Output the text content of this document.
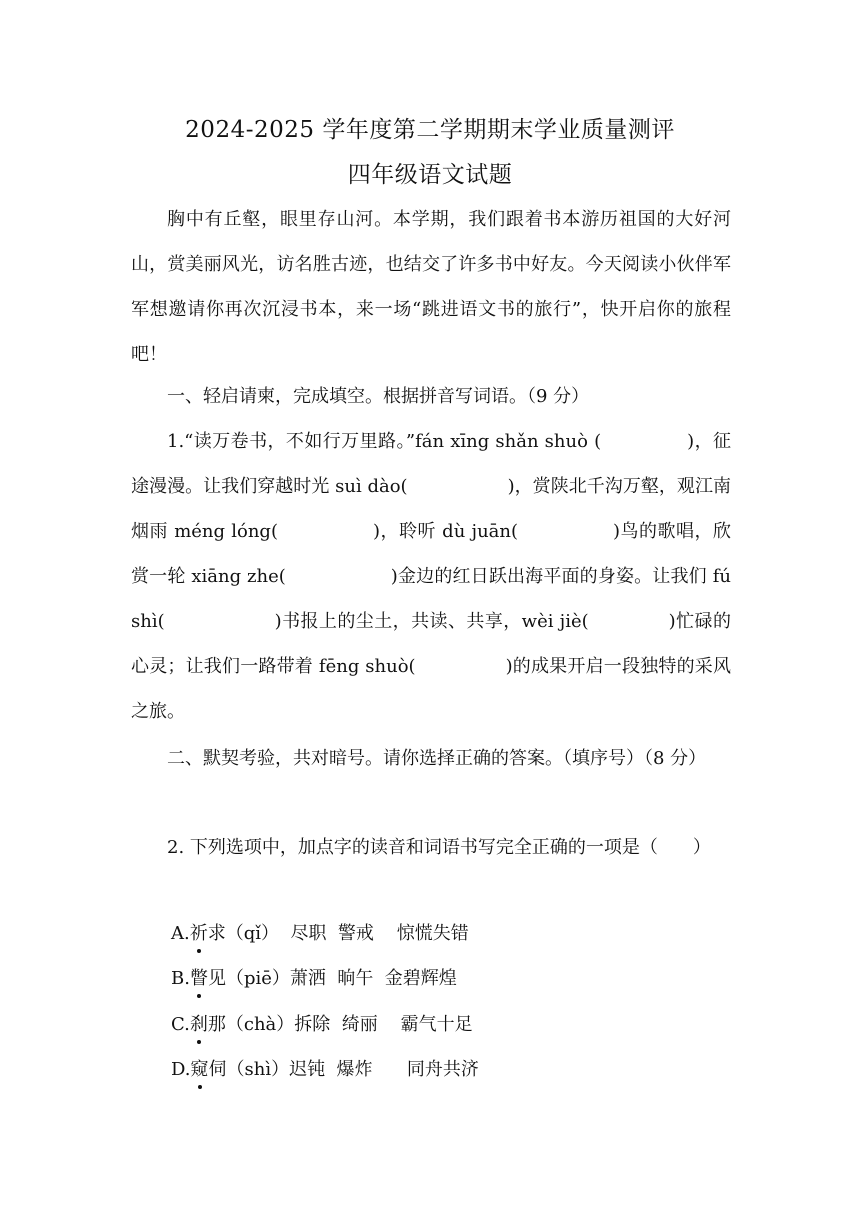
2024-2025 学年度第二学期期末学业质量测评
四年级语文试题

胸中有丘壑，眼里存山河。本学期，我们跟着书本游历祖国的大好河山，赏美丽风光，访名胜古迹，也结交了许多书中好友。今天阅读小伙伴军军想邀请你再次沉浸书本，来一场“跳进语文书的旅行”，快开启你的旅程吧！

一、轻启请柬，完成填空。根据拼音写词语。（9 分）

1.“读万卷书，不如行万里路。”fán xīng shǎn shuò (	)，征途漫漫。让我们穿越时光 suì dào(	)，赏陕北千沟万壑，观江南烟雨 méng lóng(	)，聆听 dù juān(	)鸟的歌唱，欣赏一轮 xiāng zhe(	)金边的红日跃出海平面的身姿。让我们 fú shì(	)书报上的尘土，共读、共享，wèi jiè(	)忙碌的心灵；让我们一路带着 fēng shuò(	)的成果开启一段独特的采风之旅。

二、默契考验，共对暗号。请你选择正确的答案。（填序号）（8 分）

2. 下列选项中，加点字的读音和词语书写完全正确的一项是（ ）

A.祈求（qǐ）  尽职  警戒    惊慌失错
B.瞥见（piē）萧洒  晌午  金碧辉煌
C.刹那（chà）拆除  绮丽    霸气十足
D.窥伺（shì）迟钝  爆炸      同舟共济
